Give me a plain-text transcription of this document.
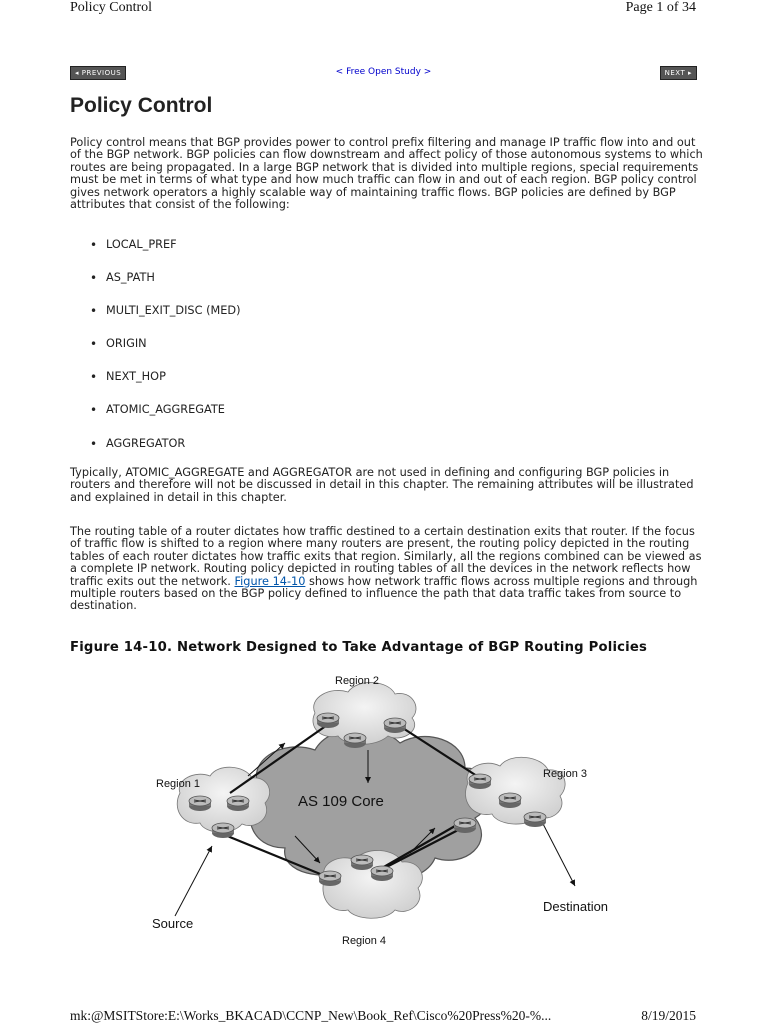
Policy Control	Page 1 of 34
◂ PREVIOUS	< Free Open Study >	NEXT ▸
Policy Control

Policy control means that BGP provides power to control prefix filtering and manage IP traffic flow into and out of the BGP network. BGP policies can flow downstream and affect policy of those autonomous systems to which routes are being propagated. In a large BGP network that is divided into multiple regions, special requirements must be met in terms of what type and how much traffic can flow in and out of each region. BGP policy control gives network operators a highly scalable way of maintaining traffic flows. BGP policies are defined by BGP attributes that consist of the following:

• LOCAL_PREF
• AS_PATH
• MULTI_EXIT_DISC (MED)
• ORIGIN
• NEXT_HOP
• ATOMIC_AGGREGATE
• AGGREGATOR

Typically, ATOMIC_AGGREGATE and AGGREGATOR are not used in defining and configuring BGP policies in routers and therefore will not be discussed in detail in this chapter. The remaining attributes will be illustrated and explained in detail in this chapter.

The routing table of a router dictates how traffic destined to a certain destination exits that router. If the focus of traffic flow is shifted to a region where many routers are present, the routing policy depicted in the routing tables of each router dictates how traffic exits that region. Similarly, all the regions combined can be viewed as a complete IP network. Routing policy depicted in routing tables of all the devices in the network reflects how traffic exits out the network. Figure 14-10 shows how network traffic flows across multiple regions and through multiple routers based on the BGP policy defined to influence the path that data traffic takes from source to destination.

Figure 14-10. Network Designed to Take Advantage of BGP Routing Policies
AS 109 Core
Region 2
Region 1
Region 3
Region 4
Source
Destination
mk:@MSITStore:E:\Works_BKACAD\CCNP_New\Book_Ref\Cisco%20Press%20-%...	8/19/2015
